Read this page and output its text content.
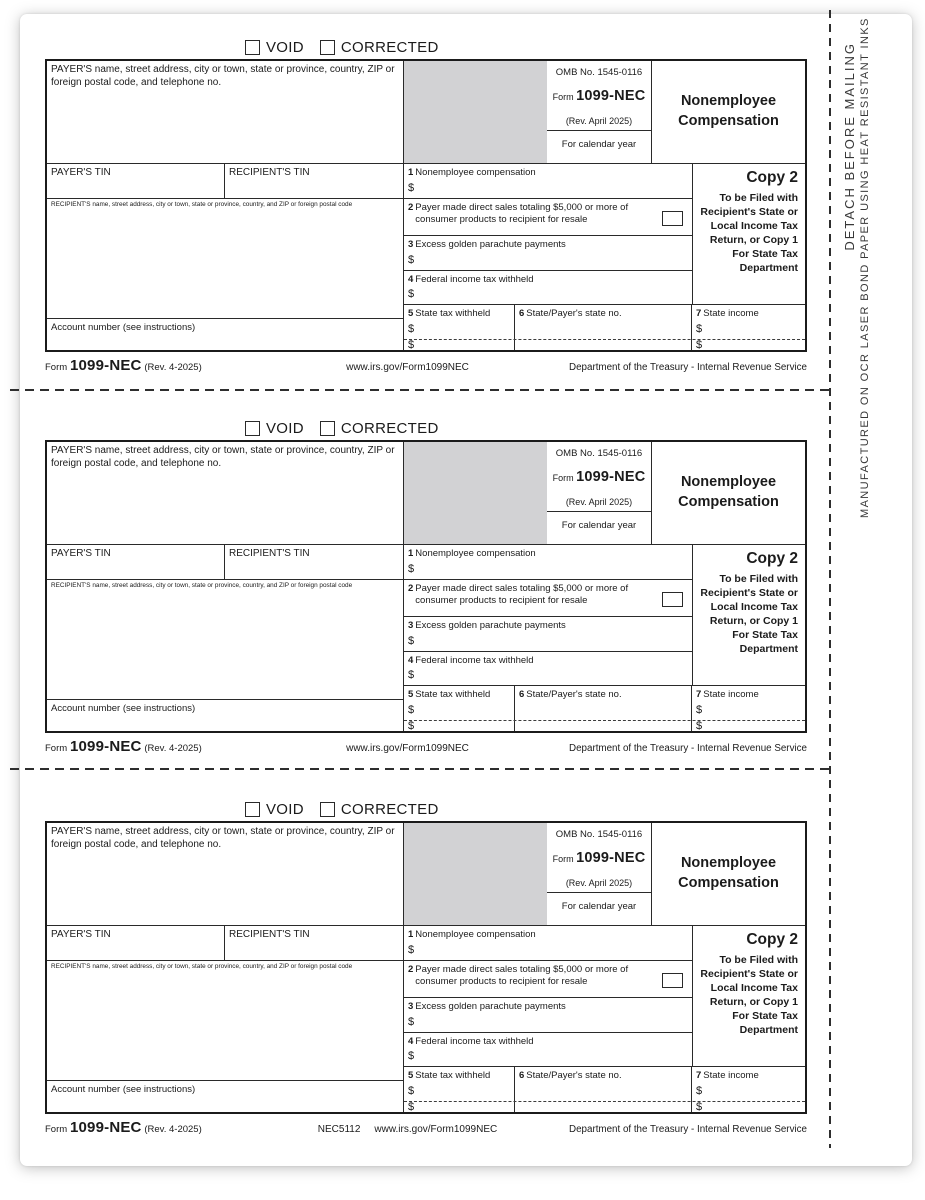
VOID CORRECTED
PAYER'S name, street address, city or town, state or province, country, ZIP or foreign postal code, and telephone no.
OMB No. 1545-0116
Form 1099-NEC
(Rev. April 2025)
For calendar year
Nonemployee
Compensation
PAYER'S TIN	RECIPIENT'S TIN	1 Nonemployee compensation
$
RECIPIENT'S name, street address, city or town, state or province, country, and ZIP or foreign postal code	2 Payer made direct sales totaling $5,000 or more of consumer products to recipient for resale
3 Excess golden parachute payments
$
4 Federal income tax withheld
$
Copy 2
To be Filed with Recipient's State or Local Income Tax Return, or Copy 1 For State Tax Department
5 State tax withheld
$
$
6 State/Payer's state no.	7 State income
$
$
Account number (see instructions)
Form 1099-NEC (Rev. 4-2025)	www.irs.gov/Form1099NEC	Department of the Treasury - Internal Revenue Service
VOID CORRECTED
PAYER'S name, street address, city or town, state or province, country, ZIP or foreign postal code, and telephone no.
OMB No. 1545-0116
Form 1099-NEC
(Rev. April 2025)
For calendar year
Nonemployee
Compensation
PAYER'S TIN	RECIPIENT'S TIN	1 Nonemployee compensation
$
RECIPIENT'S name, street address, city or town, state or province, country, and ZIP or foreign postal code	2 Payer made direct sales totaling $5,000 or more of consumer products to recipient for resale
3 Excess golden parachute payments
$
4 Federal income tax withheld
$
Copy 2
To be Filed with Recipient's State or Local Income Tax Return, or Copy 1 For State Tax Department
5 State tax withheld
$
$
6 State/Payer's state no.	7 State income
$
$
Account number (see instructions)
Form 1099-NEC (Rev. 4-2025)	www.irs.gov/Form1099NEC	Department of the Treasury - Internal Revenue Service
VOID CORRECTED
PAYER'S name, street address, city or town, state or province, country, ZIP or foreign postal code, and telephone no.
OMB No. 1545-0116
Form 1099-NEC
(Rev. April 2025)
For calendar year
Nonemployee
Compensation
PAYER'S TIN	RECIPIENT'S TIN	1 Nonemployee compensation
$
RECIPIENT'S name, street address, city or town, state or province, country, and ZIP or foreign postal code	2 Payer made direct sales totaling $5,000 or more of consumer products to recipient for resale
3 Excess golden parachute payments
$
4 Federal income tax withheld
$
Copy 2
To be Filed with Recipient's State or Local Income Tax Return, or Copy 1 For State Tax Department
5 State tax withheld
$
$
6 State/Payer's state no.	7 State income
$
$
Account number (see instructions)
Form 1099-NEC (Rev. 4-2025)	NEC5112 www.irs.gov/Form1099NEC	Department of the Treasury - Internal Revenue Service
DETACH BEFORE MAILING MANUFACTURED ON OCR LASER BOND PAPER USING HEAT RESISTANT INKS
